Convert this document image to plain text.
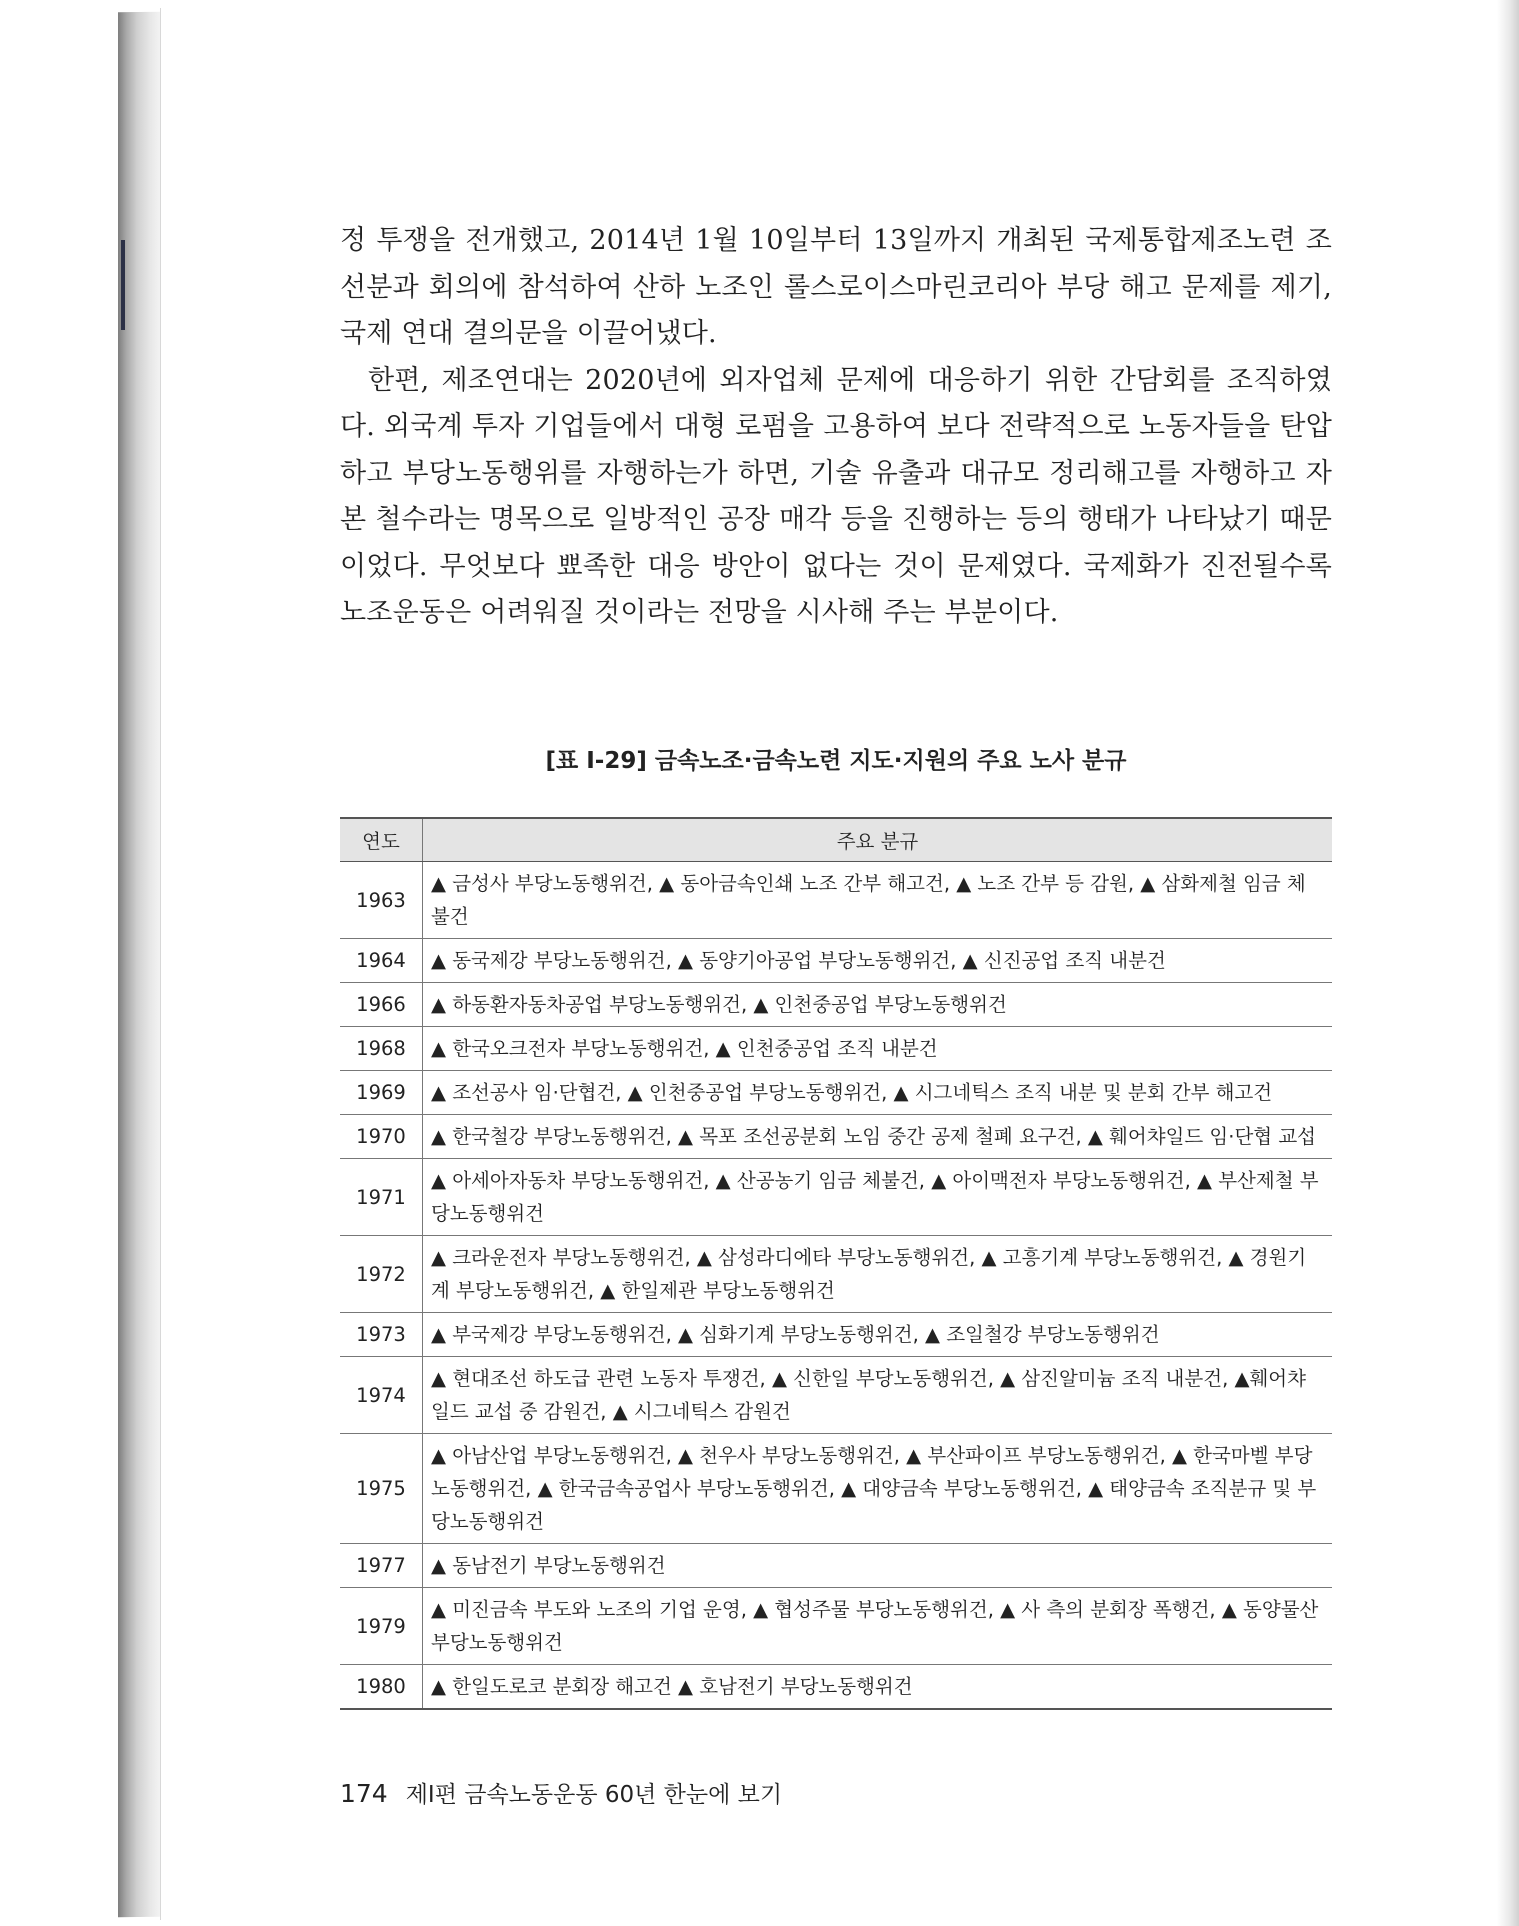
정 투쟁을 전개했고, 2014년 1월 10일부터 13일까지 개최된 국제통합제조노련 조선분과 회의에 참석하여 산하 노조인 롤스로이스마린코리아 부당 해고 문제를 제기, 국제 연대 결의문을 이끌어냈다.

한편, 제조연대는 2020년에 외자업체 문제에 대응하기 위한 간담회를 조직하였다. 외국계 투자 기업들에서 대형 로펌을 고용하여 보다 전략적으로 노동자들을 탄압하고 부당노동행위를 자행하는가 하면, 기술 유출과 대규모 정리해고를 자행하고 자본 철수라는 명목으로 일방적인 공장 매각 등을 진행하는 등의 행태가 나타났기 때문이었다. 무엇보다 뾰족한 대응 방안이 없다는 것이 문제였다. 국제화가 진전될수록 노조운동은 어려워질 것이라는 전망을 시사해 주는 부분이다.

[표 Ⅰ-29] 금속노조·금속노련 지도·지원의 주요 노사 분규
연도	주요 분규
1963	▲ 금성사 부당노동행위건, ▲ 동아금속인쇄 노조 간부 해고건, ▲ 노조 간부 등 감원, ▲ 삼화제철 임금 체불건
1964	▲ 동국제강 부당노동행위건, ▲ 동양기아공업 부당노동행위건, ▲ 신진공업 조직 내분건
1966	▲ 하동환자동차공업 부당노동행위건, ▲ 인천중공업 부당노동행위건
1968	▲ 한국오크전자 부당노동행위건, ▲ 인천중공업 조직 내분건
1969	▲ 조선공사 임·단협건, ▲ 인천중공업 부당노동행위건, ▲ 시그네틱스 조직 내분 및 분회 간부 해고건
1970	▲ 한국철강 부당노동행위건, ▲ 목포 조선공분회 노임 중간 공제 철폐 요구건, ▲ 훼어챠일드 임·단협 교섭
1971	▲ 아세아자동차 부당노동행위건, ▲ 산공농기 임금 체불건, ▲ 아이맥전자 부당노동행위건, ▲ 부산제철 부당노동행위건
1972	▲ 크라운전자 부당노동행위건, ▲ 삼성라디에타 부당노동행위건, ▲ 고흥기계 부당노동행위건, ▲ 경원기계 부당노동행위건, ▲ 한일제관 부당노동행위건
1973	▲ 부국제강 부당노동행위건, ▲ 심화기계 부당노동행위건, ▲ 조일철강 부당노동행위건
1974	▲ 현대조선 하도급 관련 노동자 투쟁건, ▲ 신한일 부당노동행위건, ▲ 삼진알미늄 조직 내분건, ▲훼어챠일드 교섭 중 감원건, ▲ 시그네틱스 감원건
1975	▲ 아남산업 부당노동행위건, ▲ 천우사 부당노동행위건, ▲ 부산파이프 부당노동행위건, ▲ 한국마벨 부당노동행위건, ▲ 한국금속공업사 부당노동행위건, ▲ 대양금속 부당노동행위건, ▲ 태양금속 조직분규 및 부당노동행위건
1977	▲ 동남전기 부당노동행위건
1979	▲ 미진금속 부도와 노조의 기업 운영, ▲ 협성주물 부당노동행위건, ▲ 사 측의 분회장 폭행건, ▲ 동양물산 부당노동행위건
1980	▲ 한일도로코 분회장 해고건 ▲ 호남전기 부당노동행위건
174 제Ⅰ편 금속노동운동 60년 한눈에 보기
